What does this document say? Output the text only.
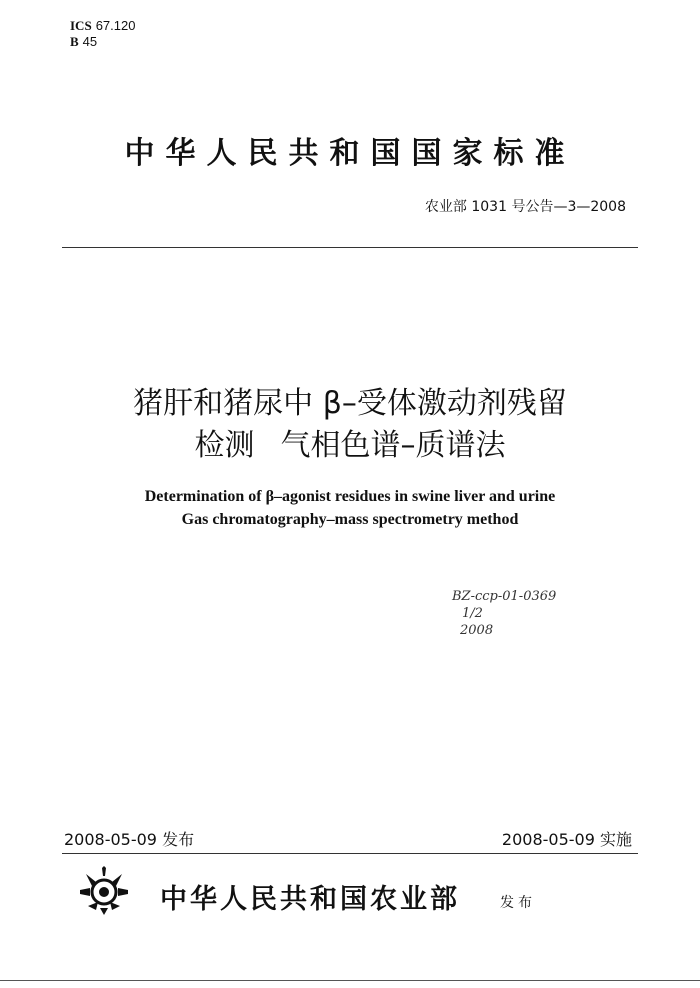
ICS 67.120
B 45
中华人民共和国国家标准
农业部 1031 号公告—3—2008
猪肝和猪尿中 β–受体激动剂残留
检测 气相色谱–质谱法
Determination of β–agonist residues in swine liver and urine
Gas chromatography–mass spectrometry method
BZ-ccp-01-0369
1/2
2008
2008-05-09 发布	2008-05-09 实施
中华人民共和国农业部	发布
